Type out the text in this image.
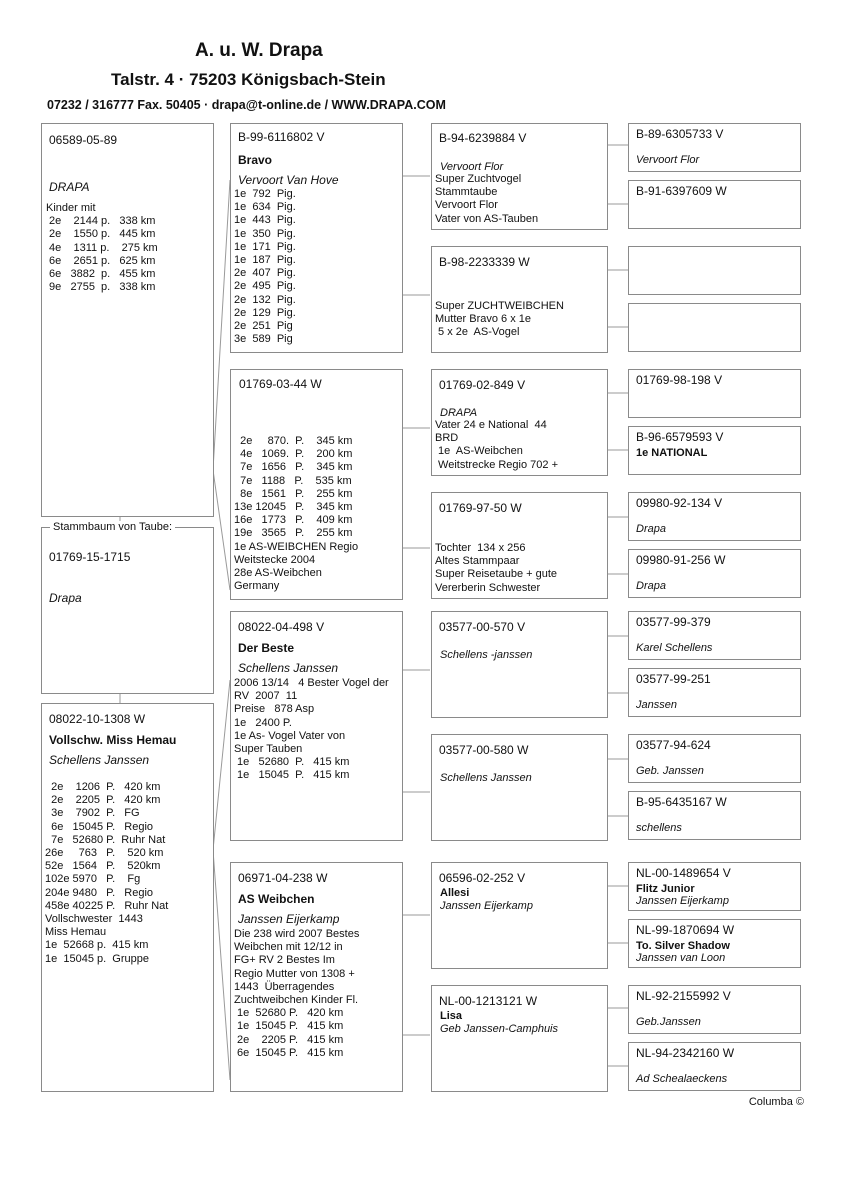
A. u. W. Drapa
Talstr. 4 · 75203 Königsbach-Stein
07232 / 316777 Fax. 50405 · drapa@t-online.de / WWW.DRAPA.COM
06589-05-89
DRAPA
Kinder mit
2e    2144 p.   338 km
2e    1550 p.   445 km
4e    1311 p.    275 km
6e    2651 p.   625 km
6e   3882  p.   455 km
9e   2755  p.   338 km
01769-15-1715
Drapa
Stammbaum von Taube:
08022-10-1308 W
Vollschw. Miss Hemau
Schellens Janssen
2e    1206  P.   420 km
2e    2205  P.   420 km
3e    7902  P.   FG
6e   15045 P.   Regio
7e   52680 P.  Ruhr Nat
26e     763   P.    520 km
52e   1564   P.    520km
102e 5970   P.    Fg
204e 9480   P.   Regio
458e 40225 P.   Ruhr Nat
Vollschwester  1443
Miss Hemau
1e  52668 p.  415 km
1e  15045 p.  Gruppe
B-99-6116802 V
Bravo
Vervoort Van Hove
1e  792  Pig.
1e  634  Pig.
1e  443  Pig.
1e  350  Pig.
1e  171  Pig.
1e  187  Pig.
2e  407  Pig.
2e  495  Pig.
2e  132  Pig.
2e  129  Pig.
2e  251  Pig
3e  589  Pig
01769-03-44 W
2e     870.  P.    345 km
4e   1069.  P.    200 km
7e   1656   P.    345 km
7e   1188   P.    535 km
8e   1561   P.    255 km
13e 12045   P.    345 km
16e   1773   P.    409 km
19e   3565   P.    255 km
1e AS-WEIBCHEN Regio
Weitstecke 2004
28e AS-Weibchen
Germany
08022-04-498 V
Der Beste
Schellens Janssen
2006 13/14   4 Bester Vogel der
RV  2007  11
Preise   878 Asp
1e   2400 P.
1e As- Vogel Vater von
Super Tauben
1e   52680  P.   415 km
1e   15045  P.   415 km
06971-04-238 W
AS Weibchen
Janssen Eijerkamp
Die 238 wird 2007 Bestes
Weibchen mit 12/12 in
FG+ RV 2 Bestes Im
Regio Mutter von 1308 +
1443  Überragendes
Zuchtweibchen Kinder Fl.
1e  52680 P.   420 km
1e  15045 P.   415 km
2e    2205 P.   415 km
6e  15045 P.   415 km
B-94-6239884 V
Vervoort Flor
Super Zuchtvogel
Stammtaube
Vervoort Flor
Vater von AS-Tauben
B-98-2233339 W
Super ZUCHTWEIBCHEN
Mutter Bravo 6 x 1e
5 x 2e  AS-Vogel
01769-02-849 V
DRAPA
Vater 24 e National  44
BRD
1e  AS-Weibchen
Weitstrecke Regio 702 +
01769-97-50 W
Tochter  134 x 256
Altes Stammpaar
Super Reisetaube + gute
Vererberin Schwester
03577-00-570 V
Schellens -janssen
03577-00-580 W
Schellens Janssen
06596-02-252 V
Allesi
Janssen Eijerkamp
NL-00-1213121 W
Lisa
Geb Janssen-Camphuis
B-89-6305733 V
Vervoort Flor
B-91-6397609 W
01769-98-198 V
B-96-6579593 V
1e NATIONAL
09980-92-134 V
Drapa
09980-91-256 W
Drapa
03577-99-379
Karel Schellens
03577-99-251
Janssen
03577-94-624
Geb. Janssen
B-95-6435167 W
schellens
NL-00-1489654 V
Flitz Junior
Janssen Eijerkamp
NL-99-1870694 W
To. Silver Shadow
Janssen van Loon
NL-92-2155992 V
Geb.Janssen
NL-94-2342160 W
Ad Schealaeckens
Columba ©
